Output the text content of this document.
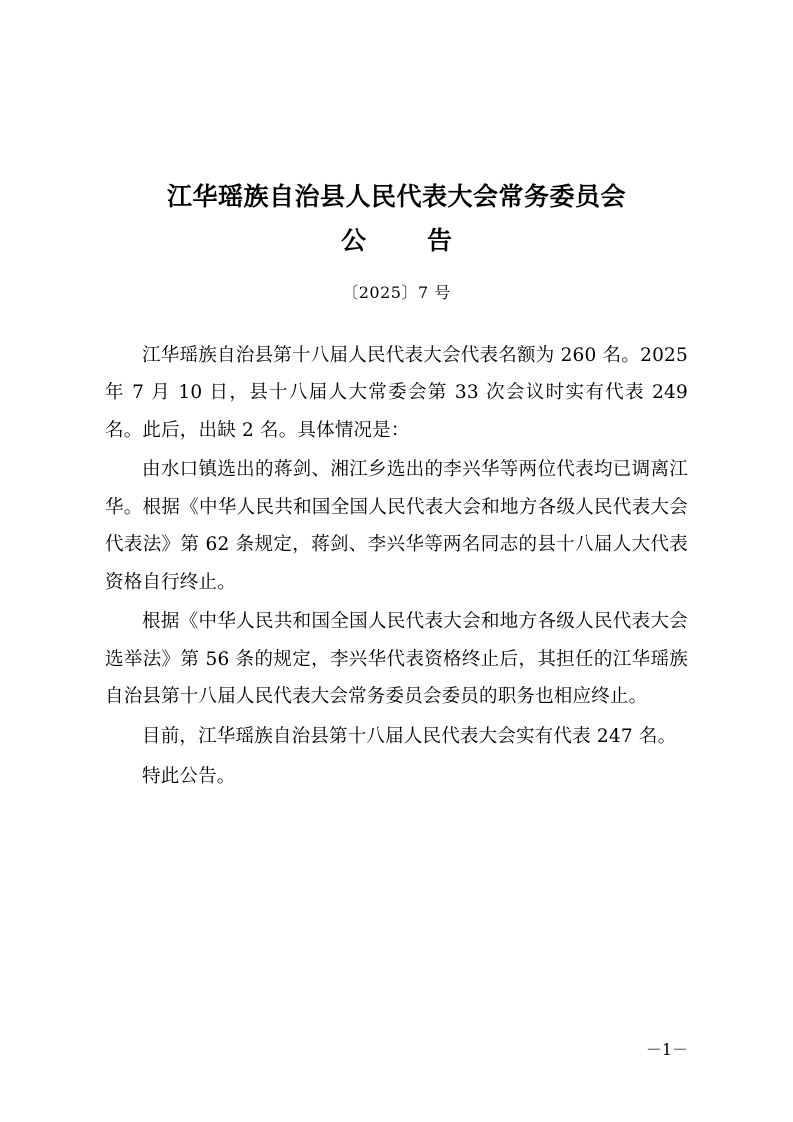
江华瑶族自治县人民代表大会常务委员会
公　告
〔2025〕7 号

江华瑶族自治县第十八届人民代表大会代表名额为 260 名。2025 年 7 月 10 日，县十八届人大常委会第 33 次会议时实有代表 249 名。此后，出缺 2 名。具体情况是：

由水口镇选出的蒋剑、湘江乡选出的李兴华等两位代表均已调离江华。根据《中华人民共和国全国人民代表大会和地方各级人民代表大会代表法》第 62 条规定，蒋剑、李兴华等两名同志的县十八届人大代表资格自行终止。

根据《中华人民共和国全国人民代表大会和地方各级人民代表大会选举法》第 56 条的规定，李兴华代表资格终止后，其担任的江华瑶族自治县第十八届人民代表大会常务委员会委员的职务也相应终止。

目前，江华瑶族自治县第十八届人民代表大会实有代表 247 名。

特此公告。

－1－
